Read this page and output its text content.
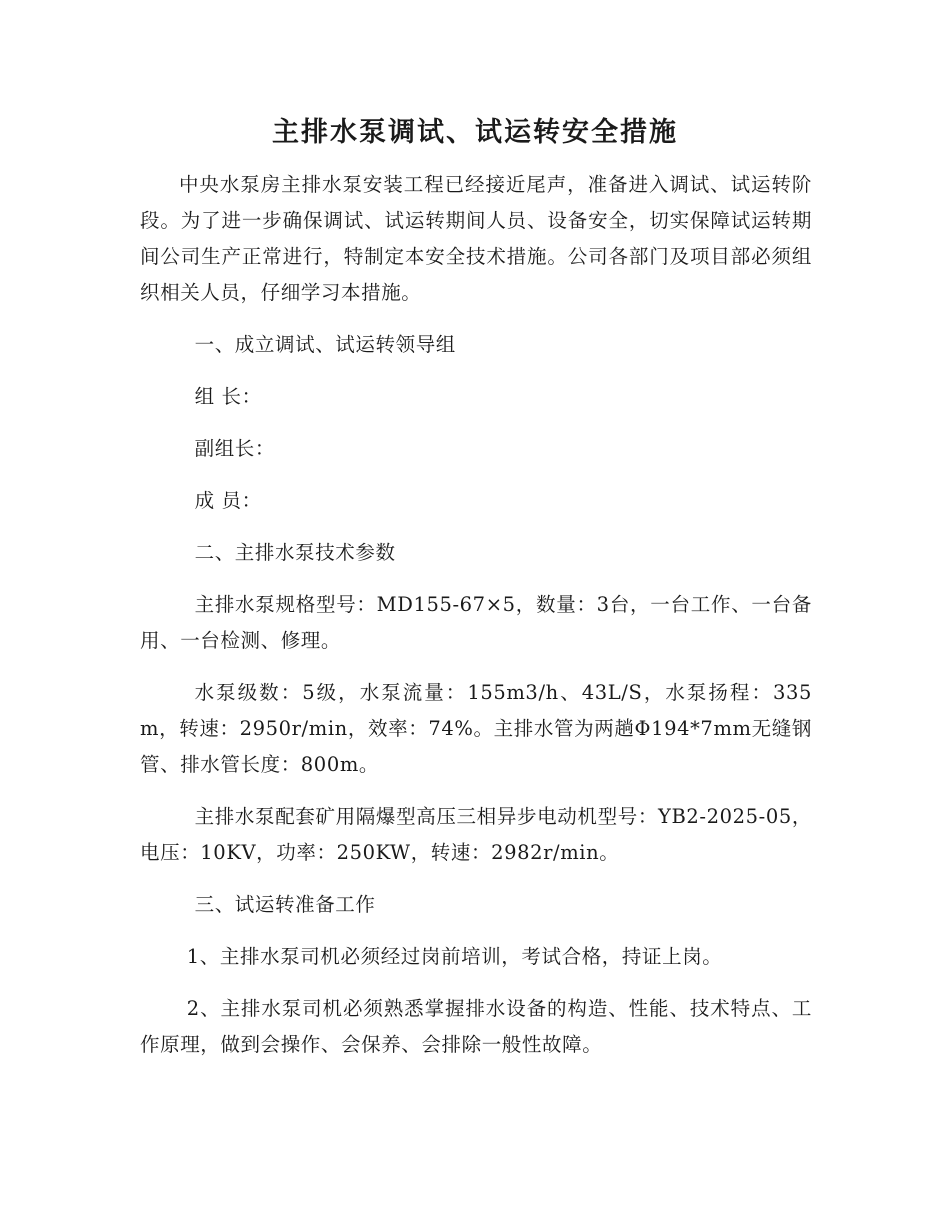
主排水泵调试、试运转安全措施

中央水泵房主排水泵安装工程已经接近尾声，准备进入调试、试运转阶段。为了进一步确保调试、试运转期间人员、设备安全，切实保障试运转期间公司生产正常进行，特制定本安全技术措施。公司各部门及项目部必须组织相关人员，仔细学习本措施。

一、成立调试、试运转领导组

组 长：

副组长：

成 员：

二、主排水泵技术参数

主排水泵规格型号：MD155-67×5，数量：3台，一台工作、一台备用、一台检测、修理。

水泵级数：5级，水泵流量：155m3/h、43L/S，水泵扬程：335m，转速：2950r/min，效率：74%。主排水管为两趟Φ194*7mm无缝钢管、排水管长度：800m。

主排水泵配套矿用隔爆型高压三相异步电动机型号：YB2-2025-05，电压：10KV，功率：250KW，转速：2982r/min。

三、试运转准备工作

1、主排水泵司机必须经过岗前培训，考试合格，持证上岗。

2、主排水泵司机必须熟悉掌握排水设备的构造、性能、技术特点、工作原理，做到会操作、会保养、会排除一般性故障。
